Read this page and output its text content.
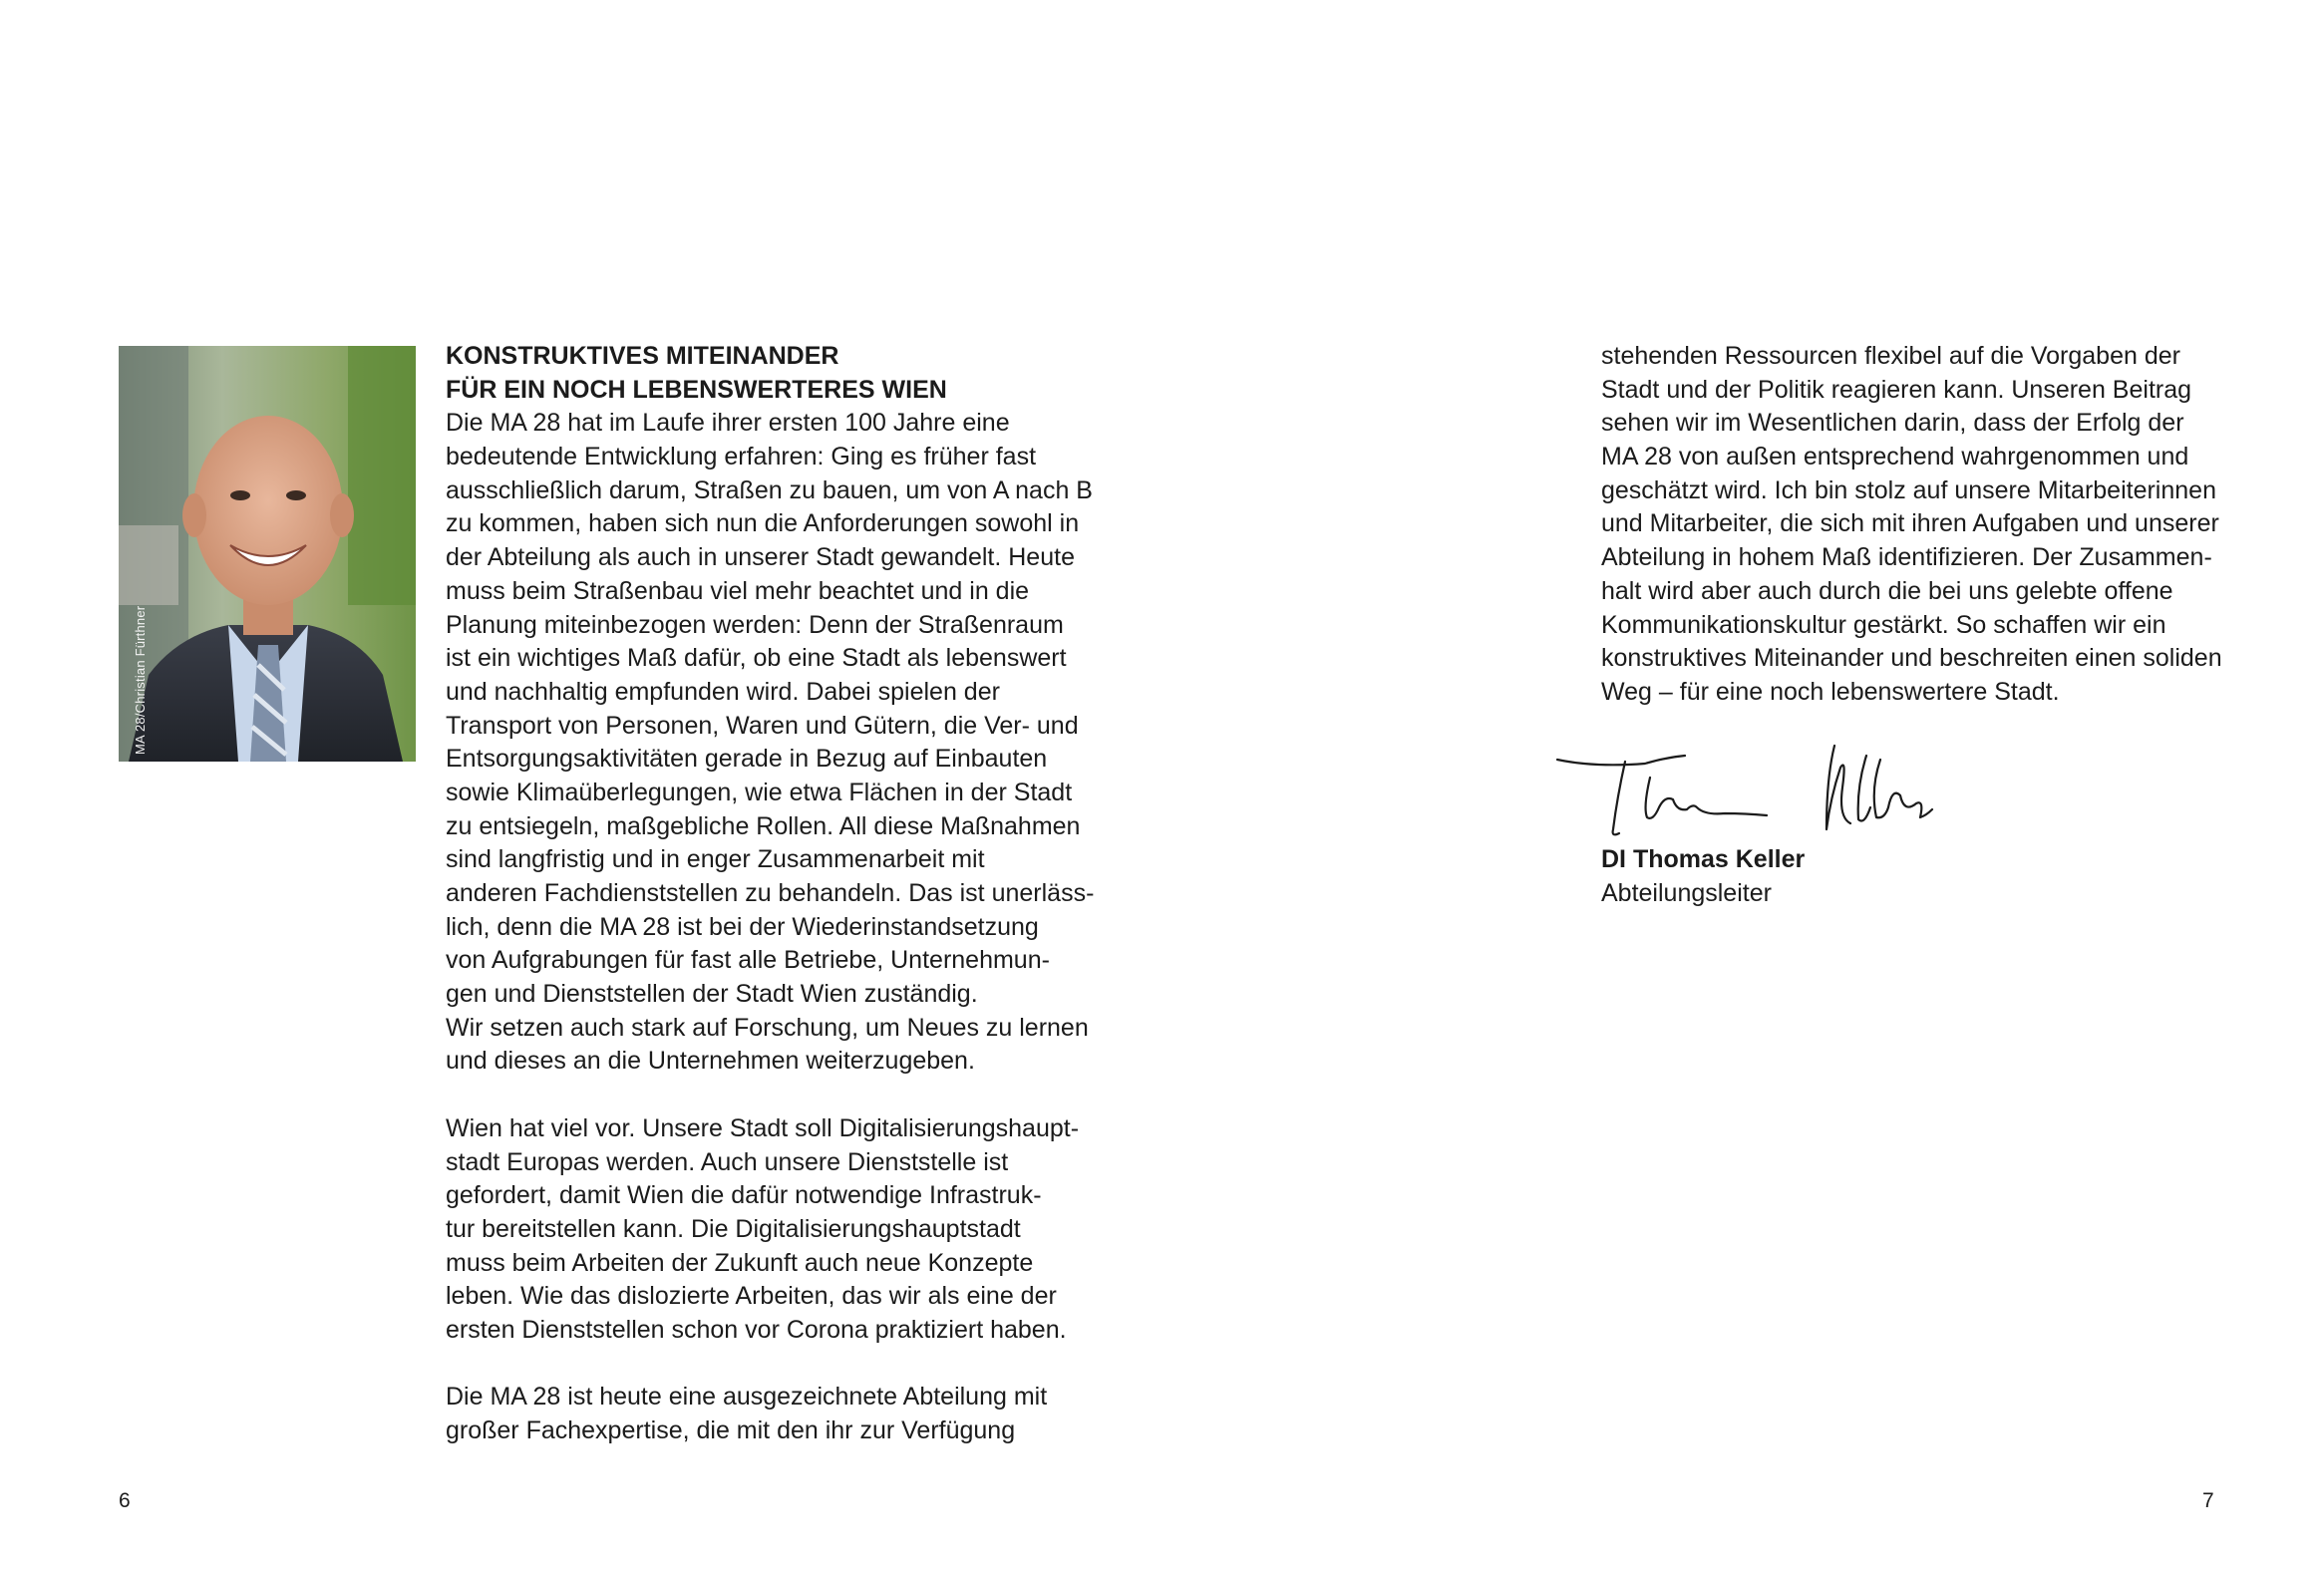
MA 28/Christian Fürthner
KONSTRUKTIVES MITEINANDER
FÜR EIN NOCH LEBENSWERTERES WIEN
Die MA 28 hat im Laufe ihrer ersten 100 Jahre eine
bedeutende Entwicklung erfahren: Ging es früher fast
ausschließlich darum, Straßen zu bauen, um von A nach B
zu kommen, haben sich nun die Anforderungen sowohl in
der Abteilung als auch in unserer Stadt gewandelt. Heute
muss beim Straßenbau viel mehr beachtet und in die
Planung miteinbezogen werden: Denn der Straßenraum
ist ein wichtiges Maß dafür, ob eine Stadt als lebenswert
und nachhaltig empfunden wird. Dabei spielen der
Transport von Personen, Waren und Gütern, die Ver- und
Entsorgungsaktivitäten gerade in Bezug auf Einbauten
sowie Klimaüberlegungen, wie etwa Flächen in der Stadt
zu entsiegeln, maßgebliche Rollen. All diese Maßnahmen
sind langfristig und in enger Zusammenarbeit mit
anderen Fachdienststellen zu behandeln. Das ist unerläss-
lich, denn die MA 28 ist bei der Wiederinstandsetzung
von Aufgrabungen für fast alle Betriebe, Unternehmun-
gen und Dienststellen der Stadt Wien zuständig.
Wir setzen auch stark auf Forschung, um Neues zu lernen
und dieses an die Unternehmen weiterzugeben.
Wien hat viel vor. Unsere Stadt soll Digitalisierungshaupt-
stadt Europas werden. Auch unsere Dienststelle ist
gefordert, damit Wien die dafür notwendige Infrastruk-
tur bereitstellen kann. Die Digitalisierungshauptstadt
muss beim Arbeiten der Zukunft auch neue Konzepte
leben. Wie das dislozierte Arbeiten, das wir als eine der
ersten Dienststellen schon vor Corona praktiziert haben.
Die MA 28 ist heute eine ausgezeichnete Abteilung mit
großer Fachexpertise, die mit den ihr zur Verfügung
stehenden Ressourcen flexibel auf die Vorgaben der
Stadt und der Politik reagieren kann. Unseren Beitrag
sehen wir im Wesentlichen darin, dass der Erfolg der
MA 28 von außen entsprechend wahrgenommen und
geschätzt wird. Ich bin stolz auf unsere Mitarbeiterinnen
und Mitarbeiter, die sich mit ihren Aufgaben und unserer
Abteilung in hohem Maß identifizieren. Der Zusammen-
halt wird aber auch durch die bei uns gelebte offene
Kommunikationskultur gestärkt. So schaffen wir ein
konstruktives Miteinander und beschreiten einen soliden
Weg – für eine noch lebenswertere Stadt.
DI Thomas Keller
Abteilungsleiter
6	7
